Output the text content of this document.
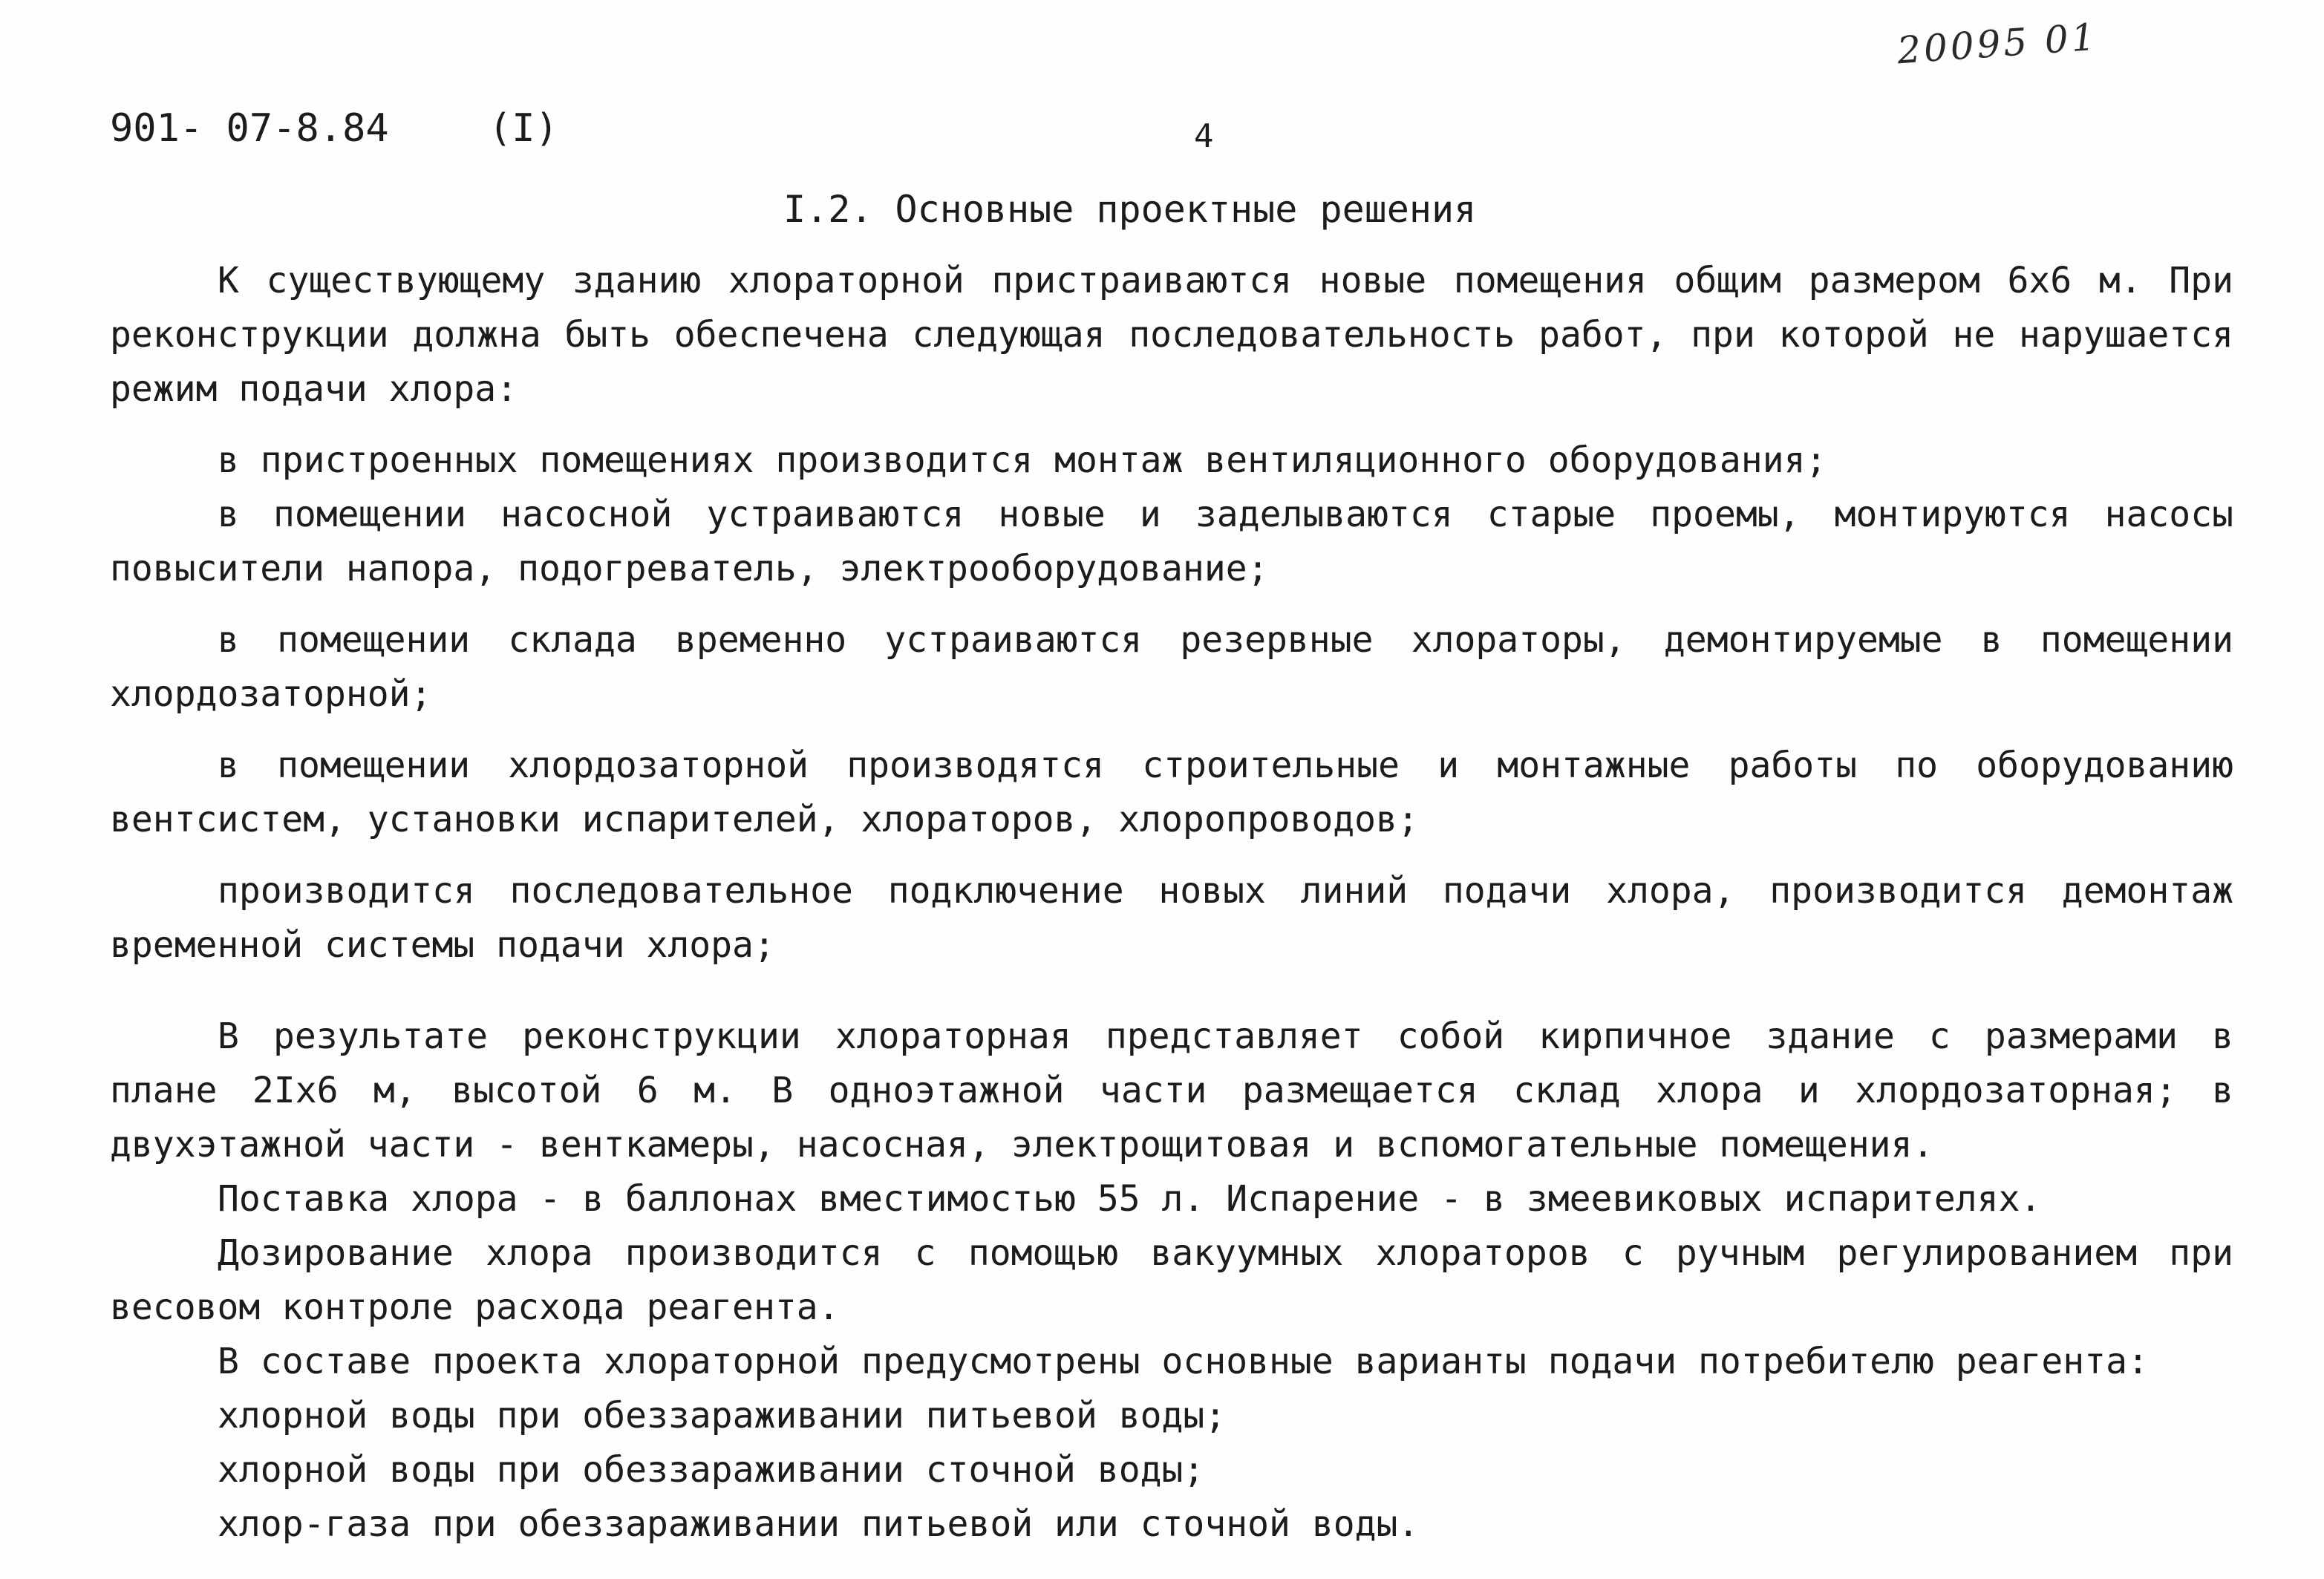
20095 01
901- 07-8.84	(I)	4
I.2. Основные проектные решения

К существующему зданию хлораторной пристраиваются новые помещения общим размером 6х6 м. При реконструкции должна быть обеспечена следующая последовательность работ, при которой не нарушается режим подачи хлора:

в пристроенных помещениях производится монтаж вентиляционного оборудования;

в помещении насосной устраиваются новые и заделываются старые проемы, монтируются насосы повысители напора, подогреватель, электрооборудование;

в помещении склада временно устраиваются резервные хлораторы, демонтируемые в помещении хлордозаторной;

в помещении хлордозаторной производятся строительные и монтажные работы по оборудованию вентсистем, установки испарителей, хлораторов, хлоропроводов;

производится последовательное подключение новых линий подачи хлора, производится демонтаж временной системы подачи хлора;

В результате реконструкции хлораторная представляет собой кирпичное здание с размерами в плане 2Iх6 м, высотой 6 м. В одноэтажной части размещается склад хлора и хлордозаторная; в двухэтажной части - венткамеры, насосная, электрощитовая и вспомогательные помещения.

Поставка хлора - в баллонах вместимостью 55 л. Испарение - в змеевиковых испарителях.

Дозирование хлора производится с помощью вакуумных хлораторов с ручным регулированием при весовом контроле расхода реагента.

В составе проекта хлораторной предусмотрены основные варианты подачи потребителю реагента:

хлорной воды при обеззараживании питьевой воды;

хлорной воды при обеззараживании сточной воды;

хлор-газа при обеззараживании питьевой или сточной воды.
